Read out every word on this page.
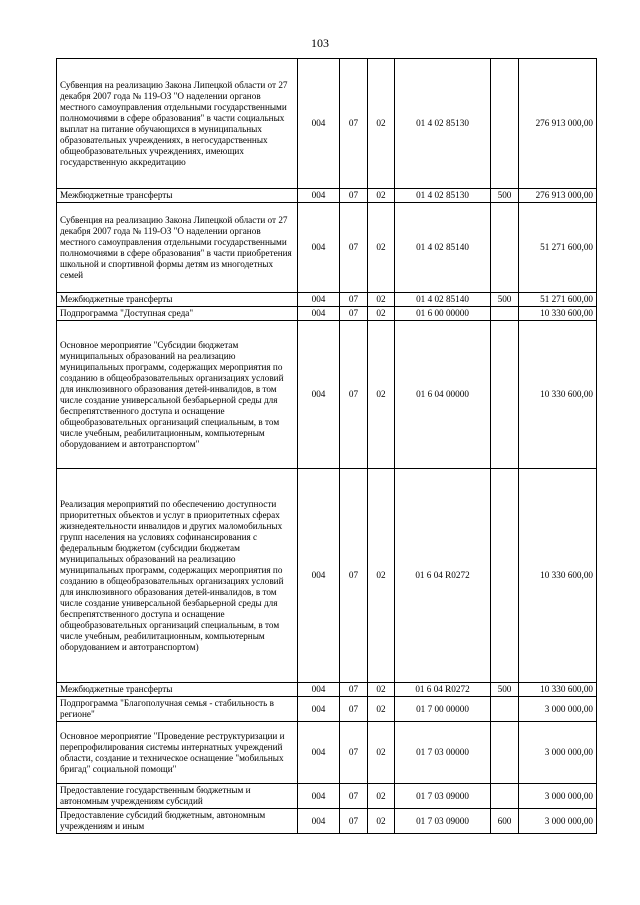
103
Субвенция на реализацию Закона Липецкой области от 27 декабря 2007 года № 119-ОЗ "О наделении органов местного самоуправления отдельными государственными полномочиями в сфере образования" в части социальных выплат на питание обучающихся в муниципальных образовательных учреждениях, в негосударственных общеобразовательных учреждениях, имеющих государственную аккредитацию	004	07	02	01 4 02 85130		276 913 000,00
Межбюджетные трансферты	004	07	02	01 4 02 85130	500	276 913 000,00
Субвенция на реализацию Закона Липецкой области от 27 декабря 2007 года № 119-ОЗ "О наделении органов местного самоуправления отдельными государственными полномочиями в сфере образования" в части приобретения школьной и спортивной формы детям из многодетных семей	004	07	02	01 4 02 85140		51 271 600,00
Межбюджетные трансферты	004	07	02	01 4 02 85140	500	51 271 600,00
Подпрограмма "Доступная среда"	004	07	02	01 6 00 00000		10 330 600,00
Основное мероприятие "Субсидии бюджетам муниципальных образований на реализацию муниципальных программ, содержащих мероприятия по созданию в общеобразовательных организациях условий для инклюзивного образования детей-инвалидов, в том числе создание универсальной безбарьерной среды для беспрепятственного доступа и оснащение общеобразовательных организаций специальным, в том числе учебным, реабилитационным, компьютерным оборудованием и автотранспортом"	004	07	02	01 6 04 00000		10 330 600,00
Реализация мероприятий по обеспечению доступности приоритетных объектов и услуг в приоритетных сферах жизнедеятельности инвалидов и других маломобильных групп населения на условиях софинансирования с федеральным бюджетом (субсидии бюджетам муниципальных образований на реализацию муниципальных программ, содержащих мероприятия по созданию в общеобразовательных организациях условий для инклюзивного образования детей-инвалидов, в том числе создание универсальной безбарьерной среды для беспрепятственного доступа и оснащение общеобразовательных организаций специальным, в том числе учебным, реабилитационным, компьютерным оборудованием и автотранспортом)	004	07	02	01 6 04 R0272		10 330 600,00
Межбюджетные трансферты	004	07	02	01 6 04 R0272	500	10 330 600,00
Подпрограмма "Благополучная семья - стабильность в регионе"	004	07	02	01 7 00 00000		3 000 000,00
Основное мероприятие "Проведение реструктуризации и перепрофилирования системы интернатных учреждений области, создание и техническое оснащение "мобильных бригад" социальной помощи"	004	07	02	01 7 03 00000		3 000 000,00
Предоставление государственным бюджетным и автономным учреждениям субсидий	004	07	02	01 7 03 09000		3 000 000,00
Предоставление субсидий бюджетным, автономным учреждениям и иным	004	07	02	01 7 03 09000	600	3 000 000,00
